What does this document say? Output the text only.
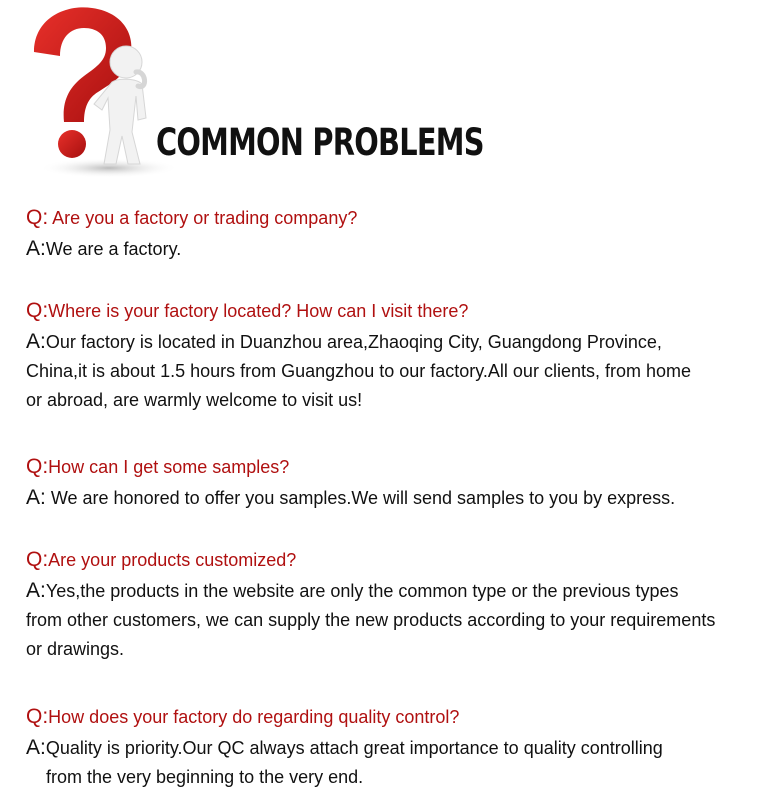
COMMON PROBLEMS
Q: Are you a factory or trading company?
A:We are a factory.
Q:Where is your factory located? How can I visit there?
A:Our factory is located in Duanzhou area,Zhaoqing City, Guangdong Province,
China,it is about 1.5 hours from Guangzhou to our factory.All our clients, from home
or abroad, are warmly welcome to visit us!
Q:How can I get some samples?
A: We are honored to offer you samples.We will send samples to you by express.
Q:Are your products customized?
A:Yes,the products in the website are only the common type or the previous types
from other customers, we can supply the new products according to your requirements
or drawings.
Q:How does your factory do regarding quality control?
A:Quality is priority.Our QC always attach great importance to quality controlling
from the very beginning to the very end.
